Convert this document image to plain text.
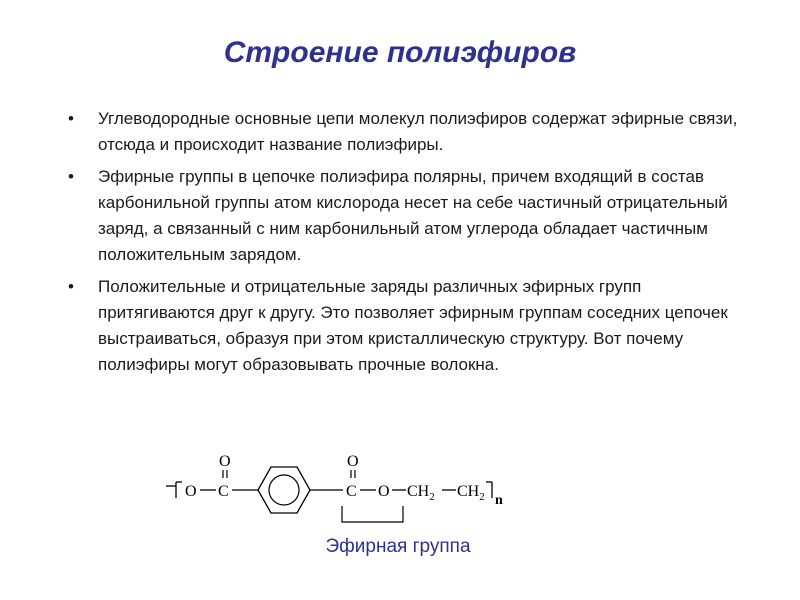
Строение полиэфиров
• Углеводородные основные цепи молекул полиэфиров содержат эфирные связи, отсюда и происходит название полиэфиры.
• Эфирные группы в цепочке полиэфира полярны, причем входящий в состав карбонильной группы атом кислорода несет на себе частичный отрицательный заряд, а связанный с ним карбонильный атом углерода обладает частичным положительным зарядом.
• Положительные и отрицательные заряды различных эфирных групп притягиваются друг к другу. Это позволяет эфирным группам соседних цепочек выстраиваться, образуя при этом кристаллическую структуру. Вот почему полиэфиры могут образовывать прочные волокна.
O C
O
C
O
O $CH_2$ $CH_2$ n
Эфирная группа
